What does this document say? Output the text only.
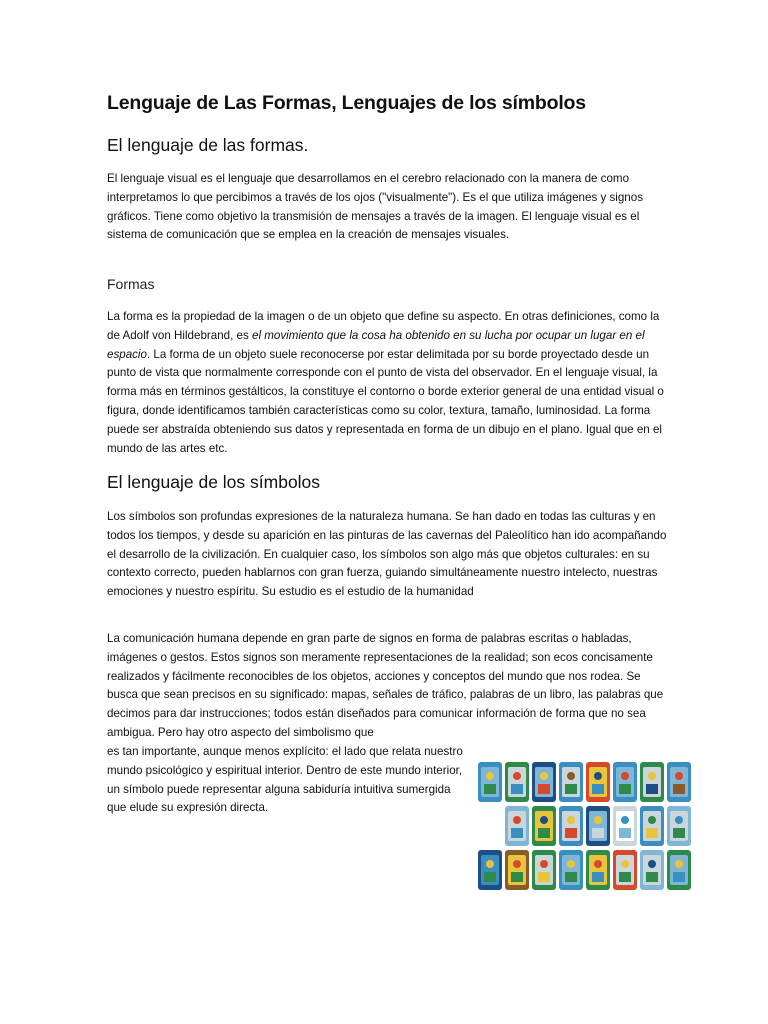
Lenguaje de Las Formas, Lenguajes de los símbolos
El lenguaje de las formas.

El lenguaje visual es el lenguaje que desarrollamos en el cerebro relacionado con la manera de como interpretamos lo que percibimos a través de los ojos ("visualmente"). Es el que utiliza imágenes y signos gráficos. Tiene como objetivo la transmisión de mensajes a través de la imagen. El lenguaje visual es el sistema de comunicación que se emplea en la creación de mensajes visuales.

Formas

La forma es la propiedad de la imagen o de un objeto que define su aspecto. En otras definiciones, como la de Adolf von Hildebrand, es el movimiento que la cosa ha obtenido en su lucha por ocupar un lugar en el espacio. La forma de un objeto suele reconocerse por estar delimitada por su borde proyectado desde un punto de vista que normalmente corresponde con el punto de vista del observador. En el lenguaje visual, la forma más en términos gestálticos, la constituye el contorno o borde exterior general de una entidad visual o figura, donde identificamos también características como su color, textura, tamaño, luminosidad. La forma puede ser abstraída obteniendo sus datos y representada en forma de un dibujo en el plano. Igual que en el mundo de las artes etc.

El lenguaje de los símbolos

Los símbolos son profundas expresiones de la naturaleza humana. Se han dado en todas las culturas y en todos los tiempos, y desde su aparición en las pinturas de las cavernas del Paleolítico han ido acompañando el desarrollo de la civilización. En cualquier caso, los símbolos son algo más que objetos culturales: en su contexto correcto, pueden hablarnos con gran fuerza, guiando simultáneamente nuestro intelecto, nuestras emociones y nuestro espíritu. Su estudio es el estudio de la humanidad

La comunicación humana depende en gran parte de signos en forma de palabras escritas o habladas, imágenes o gestos. Estos signos son meramente representaciones de la realidad; son ecos concisamente realizados y fácilmente reconocibles de los objetos, acciones y conceptos del mundo que nos rodea. Se busca que sean precisos en su significado: mapas, señales de tráfico, palabras de un libro, las palabras que decimos para dar instrucciones; todos están diseñados para comunicar información de forma que no sea ambigua. Pero hay otro aspecto del simbolismo que

es tan importante, aunque menos explícito: el lado que relata nuestro mundo psicológico y espiritual interior. Dentro de este mundo interior, un símbolo puede representar alguna sabiduría intuitiva sumergida que elude su expresión directa.
